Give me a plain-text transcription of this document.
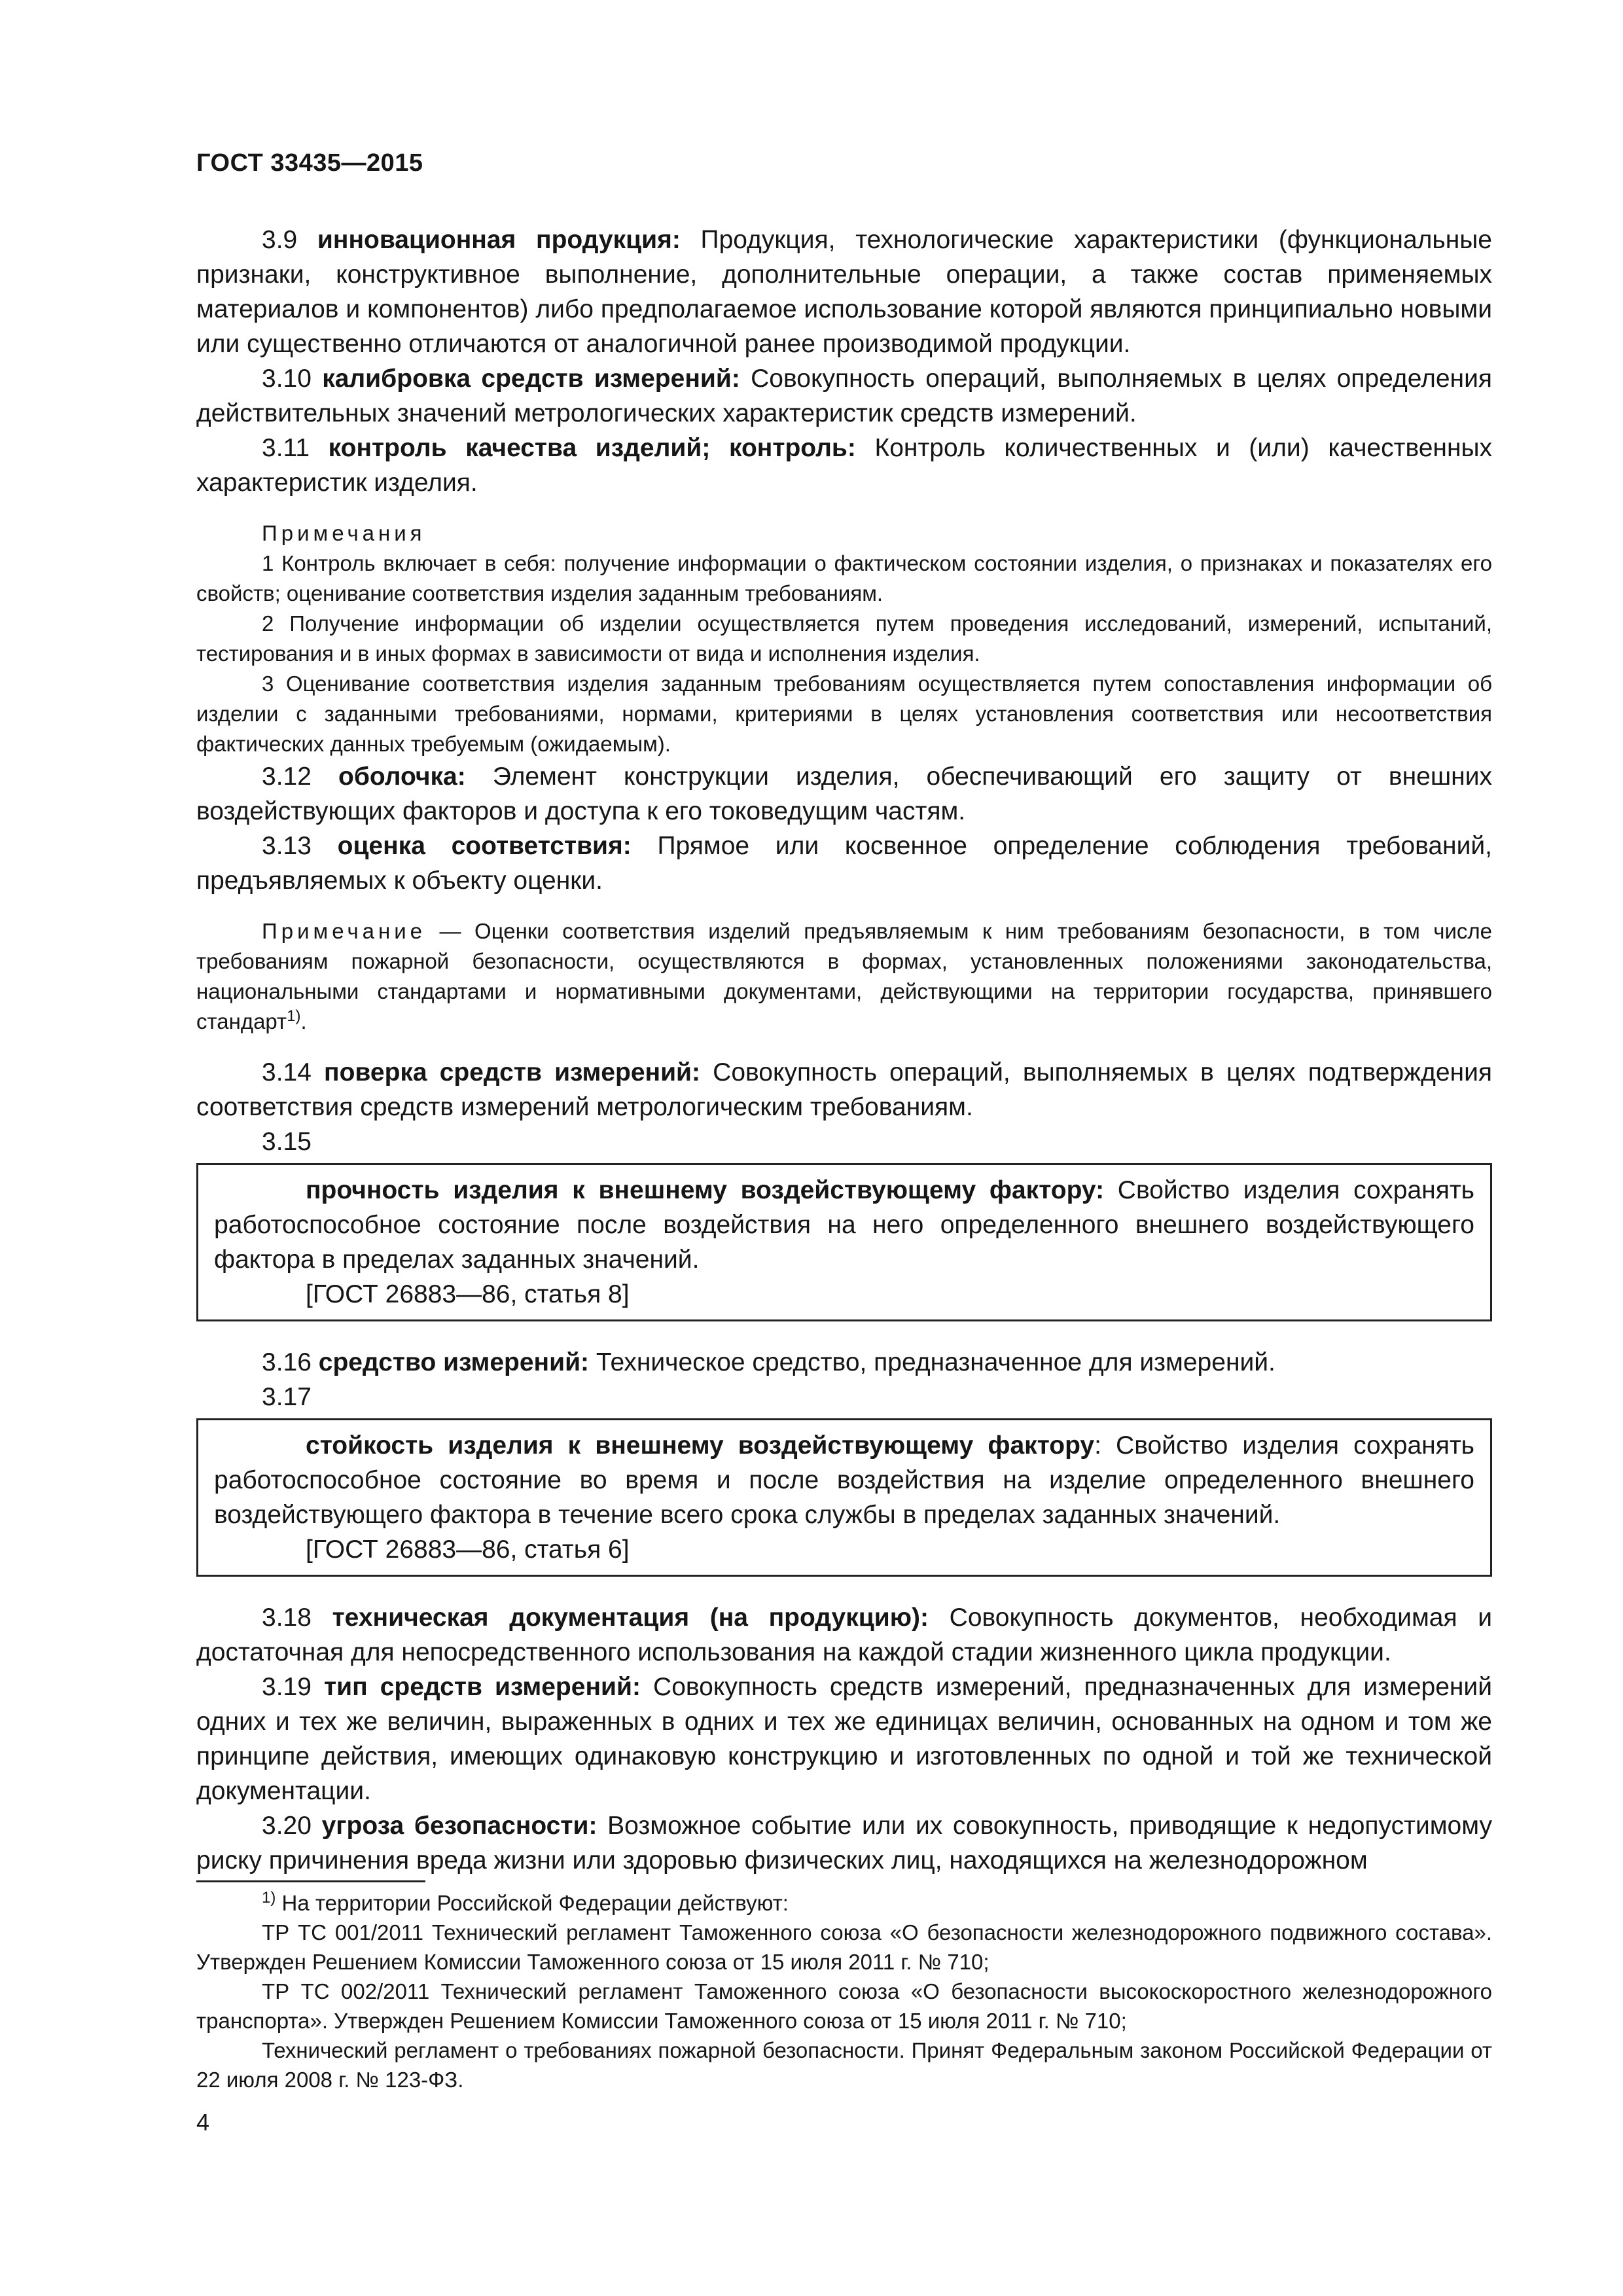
ГОСТ 33435—2015

3.9 инновационная продукция: Продукция, технологические характеристики (функциональные признаки, конструктивное выполнение, дополнительные операции, а также состав применяемых материалов и компонентов) либо предполагаемое использование которой являются принципиально новыми или существенно отличаются от аналогичной ранее производимой продукции.

3.10 калибровка средств измерений: Совокупность операций, выполняемых в целях определения действительных значений метрологических характеристик средств измерений.

3.11 контроль качества изделий; контроль: Контроль количественных и (или) качественных характеристик изделия.

Примечания

1 Контроль включает в себя: получение информации о фактическом состоянии изделия, о признаках и показателях его свойств; оценивание соответствия изделия заданным требованиям.

2 Получение информации об изделии осуществляется путем проведения исследований, измерений, испытаний, тестирования и в иных формах в зависимости от вида и исполнения изделия.

3 Оценивание соответствия изделия заданным требованиям осуществляется путем сопоставления информации об изделии с заданными требованиями, нормами, критериями в целях установления соответствия или несоответствия фактических данных требуемым (ожидаемым).

3.12 оболочка: Элемент конструкции изделия, обеспечивающий его защиту от внешних воздействующих факторов и доступа к его токоведущим частям.

3.13 оценка соответствия: Прямое или косвенное определение соблюдения требований, предъявляемых к объекту оценки.

Примечание — Оценки соответствия изделий предъявляемым к ним требованиям безопасности, в том числе требованиям пожарной безопасности, осуществляются в формах, установленных положениями законодательства, национальными стандартами и нормативными документами, действующими на территории государства, принявшего стандарт$^{1)}$.

3.14 поверка средств измерений: Совокупность операций, выполняемых в целях подтверждения соответствия средств измерений метрологическим требованиям.

3.15

прочность изделия к внешнему воздействующему фактору: Свойство изделия сохранять работоспособное состояние после воздействия на него определенного внешнего воздействующего фактора в пределах заданных значений.

[ГОСТ 26883—86, статья 8]

3.16 средство измерений: Техническое средство, предназначенное для измерений.

3.17

стойкость изделия к внешнему воздействующему фактору: Свойство изделия сохранять работоспособное состояние во время и после воздействия на изделие определенного внешнего воздействующего фактора в течение всего срока службы в пределах заданных значений.

[ГОСТ 26883—86, статья 6]

3.18 техническая документация (на продукцию): Совокупность документов, необходимая и достаточная для непосредственного использования на каждой стадии жизненного цикла продукции.

3.19 тип средств измерений: Совокупность средств измерений, предназначенных для измерений одних и тех же величин, выраженных в одних и тех же единицах величин, основанных на одном и том же принципе действия, имеющих одинаковую конструкцию и изготовленных по одной и той же технической документации.

3.20 угроза безопасности: Возможное событие или их совокупность, приводящие к недопустимому риску причинения вреда жизни или здоровью физических лиц, находящихся на железнодорожном

$^{1)}$ На территории Российской Федерации действуют:

ТР ТС 001/2011 Технический регламент Таможенного союза «О безопасности железнодорожного подвижного состава». Утвержден Решением Комиссии Таможенного союза от 15 июля 2011 г. № 710;

ТР ТС 002/2011 Технический регламент Таможенного союза «О безопасности высокоскоростного железнодорожного транспорта». Утвержден Решением Комиссии Таможенного союза от 15 июля 2011 г. № 710;

Технический регламент о требованиях пожарной безопасности. Принят Федеральным законом Российской Федерации от 22 июля 2008 г. № 123-ФЗ.

4
